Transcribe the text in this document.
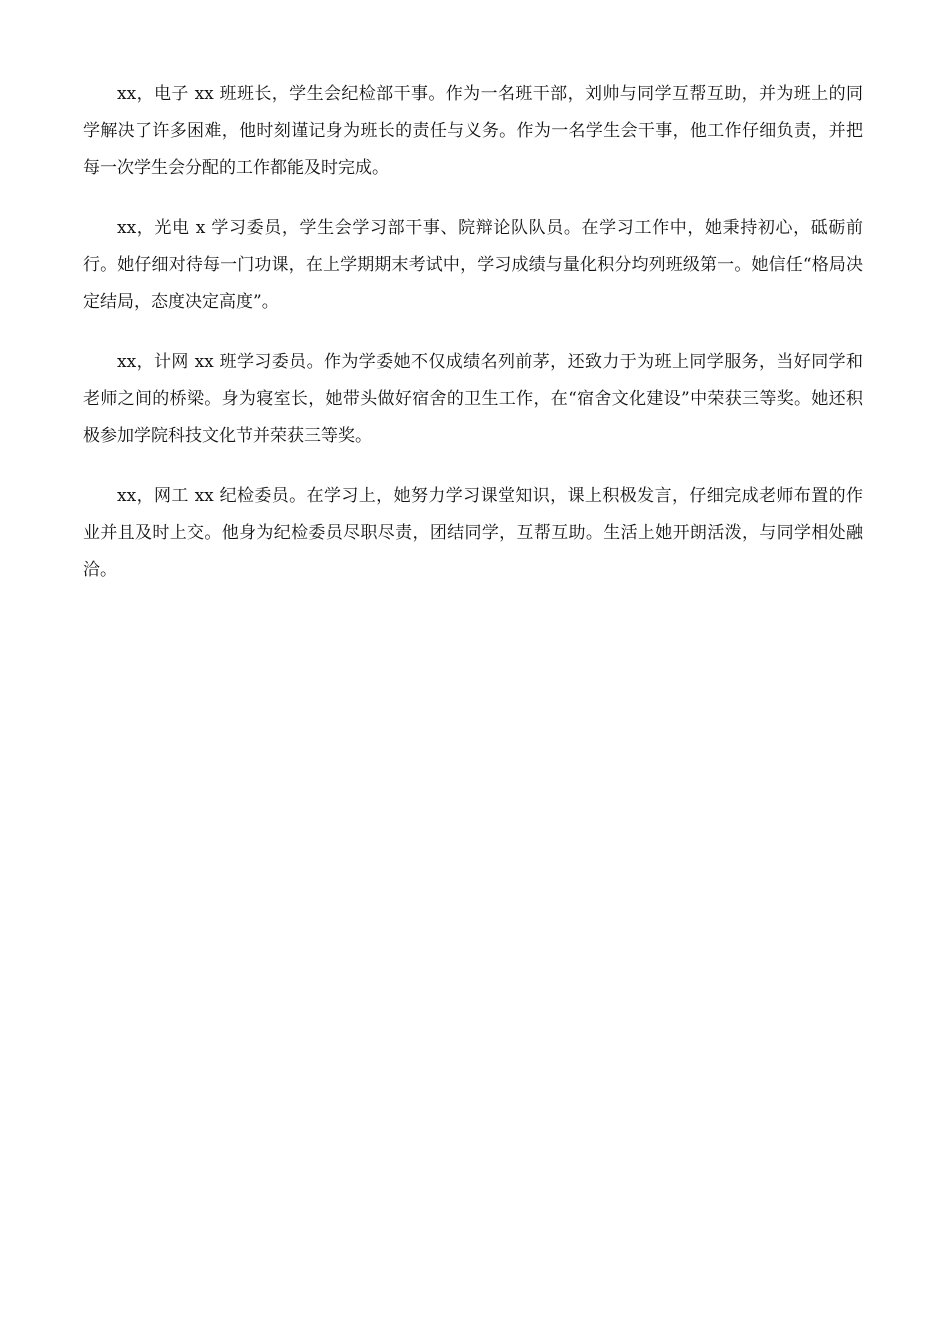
xx，电子 xx 班班长，学生会纪检部干事。作为一名班干部，刘帅与同学互帮互助，并为班上的同学解决了许多困难，他时刻谨记身为班长的责任与义务。作为一名学生会干事，他工作仔细负责，并把每一次学生会分配的工作都能及时完成。

xx，光电 x 学习委员，学生会学习部干事、院辩论队队员。在学习工作中，她秉持初心，砥砺前行。她仔细对待每一门功课，在上学期期末考试中，学习成绩与量化积分均列班级第一。她信任“格局决定结局，态度决定高度”。

xx，计网 xx 班学习委员。作为学委她不仅成绩名列前茅，还致力于为班上同学服务，当好同学和老师之间的桥梁。身为寝室长，她带头做好宿舍的卫生工作，在“宿舍文化建设”中荣获三等奖。她还积极参加学院科技文化节并荣获三等奖。

xx，网工 xx 纪检委员。在学习上，她努力学习课堂知识，课上积极发言，仔细完成老师布置的作业并且及时上交。他身为纪检委员尽职尽责，团结同学，互帮互助。生活上她开朗活泼，与同学相处融洽。
